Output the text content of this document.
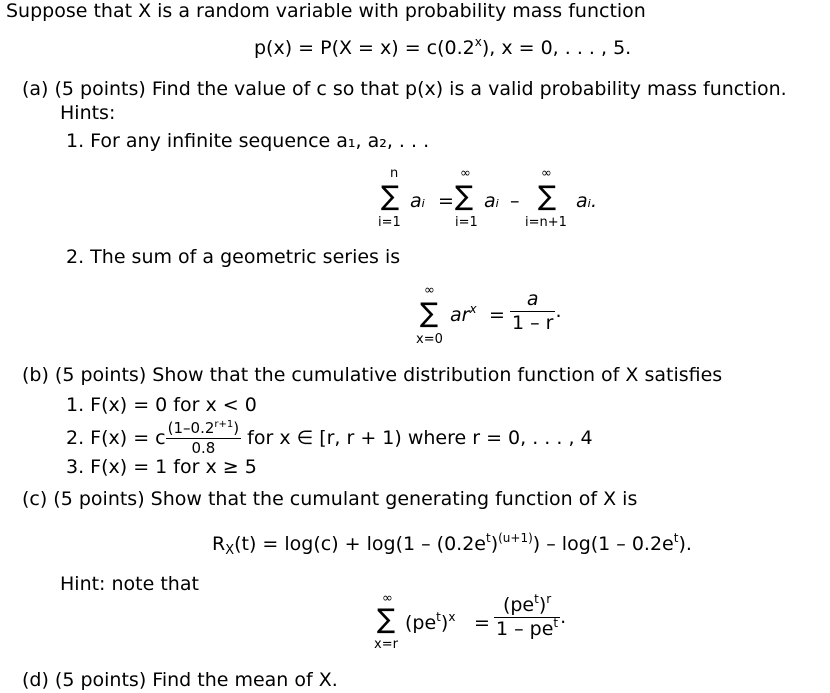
Suppose that X is a random variable with probability mass function
$p(x) = P(X = x) = c(0.2^x)$, x = 0, . . . , 5.
(a) (5 points) Find the value of c so that p(x) is a valid probability mass function.
Hints:
1. For any infinite sequence a₁, a₂, . . .
n
∑
i=1
aᵢ =
∞
∑
i=1
aᵢ –
∞
∑
i=n+1
aᵢ.
2. The sum of a geometric series is
∞
∑
x=0
$ar^x = \frac{a}{1 - r}$ .
(b) (5 points) Show that the cumulative distribution function of X satisfies
1. F(x) = 0 for x < 0
2. F(x) = c $\frac{(1-0.2^{r+1})}{0.8}$ for x ∈ [r, r + 1) where r = 0, . . . , 4
3. F(x) = 1 for x ≥ 5
(c) (5 points) Show that the cumulant generating function of X is
$R_X(t) = \log(c) + \log(1 - (0.2e^t)^{(u+1)}) - \log(1 - 0.2e^t)$.
Hint: note that
∞
∑
x=r
$(pe^t)^x = \frac{(pe^t)^r}{1 - pe^t}$ .
(d) (5 points) Find the mean of X.
